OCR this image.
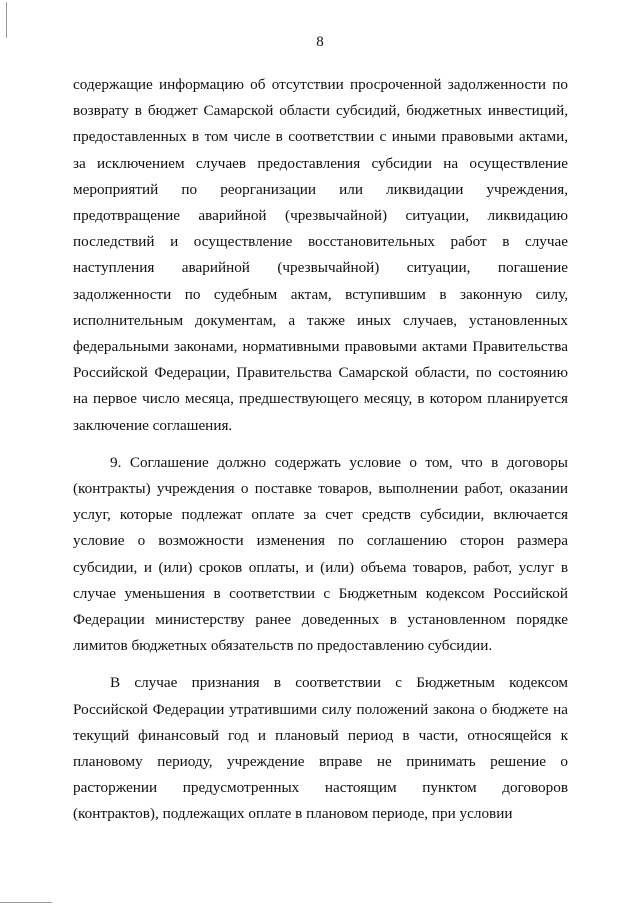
8

содержащие информацию об отсутствии просроченной задолженности по возврату в бюджет Самарской области субсидий, бюджетных инвестиций, предоставленных в том числе в соответствии с иными правовыми актами, за исключением случаев предоставления субсидии на осуществление мероприятий по реорганизации или ликвидации учреждения, предотвращение аварийной (чрезвычайной) ситуации, ликвидацию последствий и осуществление восстановительных работ в случае наступления аварийной (чрезвычайной) ситуации, погашение задолженности по судебным актам, вступившим в законную силу, исполнительным документам, а также иных случаев, установленных федеральными законами, нормативными правовыми актами Правительства Российской Федерации, Правительства Самарской области, по состоянию на первое число месяца, предшествующего месяцу, в котором планируется заключение соглашения.

9. Соглашение должно содержать условие о том, что в договоры (контракты) учреждения о поставке товаров, выполнении работ, оказании услуг, которые подлежат оплате за счет средств субсидии, включается условие о возможности изменения по соглашению сторон размера субсидии, и (или) сроков оплаты, и (или) объема товаров, работ, услуг в случае уменьшения в соответствии с Бюджетным кодексом Российской Федерации министерству ранее доведенных в установленном порядке лимитов бюджетных обязательств по предоставлению субсидии.

В случае признания в соответствии с Бюджетным кодексом Российской Федерации утратившими силу положений закона о бюджете на текущий финансовый год и плановый период в части, относящейся к плановому периоду, учреждение вправе не принимать решение о расторжении предусмотренных настоящим пунктом договоров (контрактов), подлежащих оплате в плановом периоде, при условии
